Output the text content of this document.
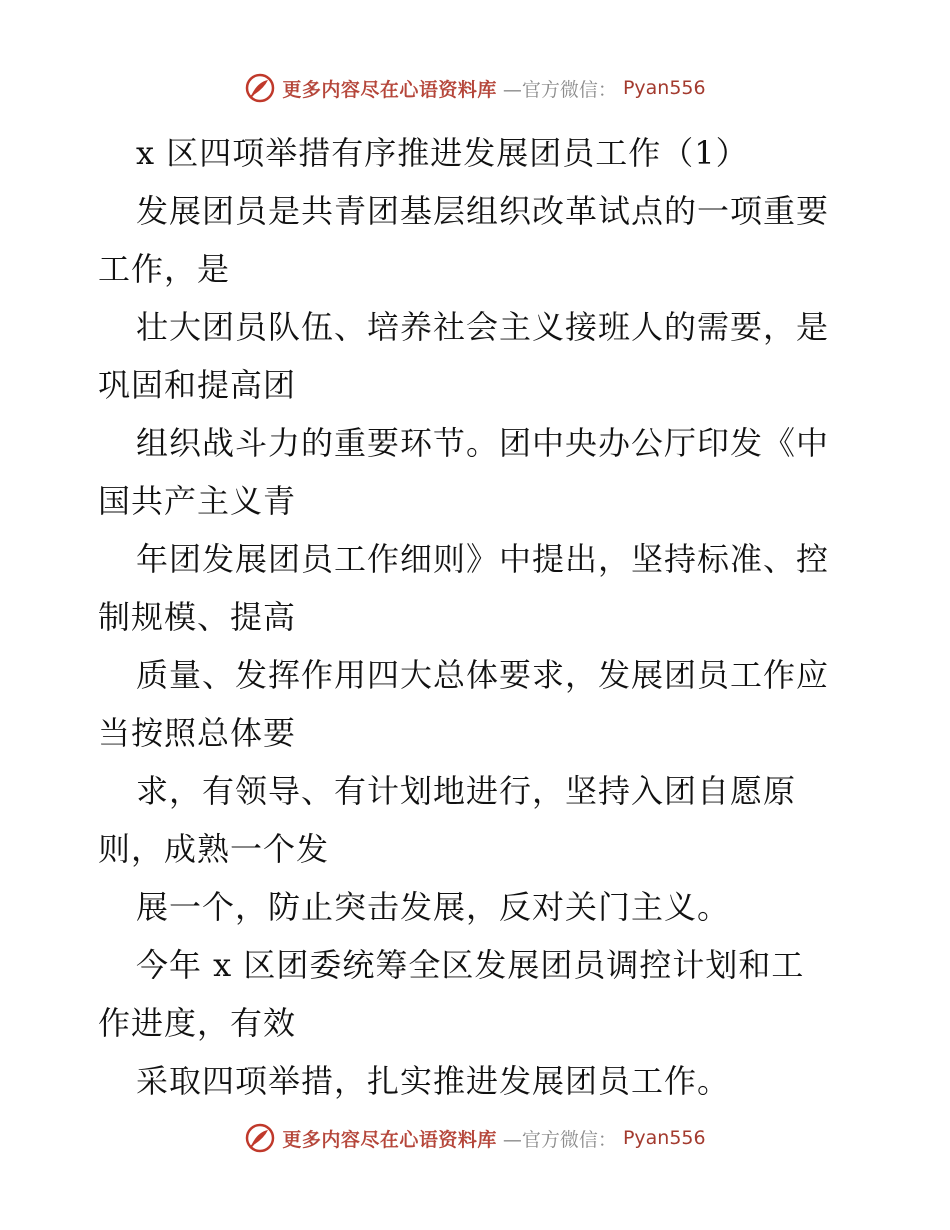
更多内容尽在心语资料库 —官方微信： Pyan556
x 区四项举措有序推进发展团员工作（1）
发展团员是共青团基层组织改革试点的一项重要
工作，是
壮大团员队伍、培养社会主义接班人的需要，是
巩固和提高团
组织战斗力的重要环节。团中央办公厅印发《中
国共产主义青
年团发展团员工作细则》中提出，坚持标准、控
制规模、提高
质量、发挥作用四大总体要求，发展团员工作应
当按照总体要
求，有领导、有计划地进行，坚持入团自愿原
则，成熟一个发
展一个，防止突击发展，反对关门主义。
今年 x 区团委统筹全区发展团员调控计划和工
作进度，有效
采取四项举措，扎实推进发展团员工作。
更多内容尽在心语资料库 —官方微信： Pyan556
